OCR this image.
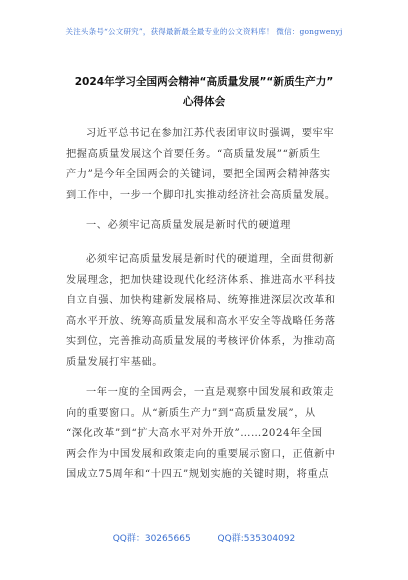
关注头条号“公文研究”，获得最新最全最专业的公文资料库！ 微信：gongwenyj
2024年学习全国两会精神“高质量发展”“新质生产力”
心得体会

习近平总书记在参加江苏代表团审议时强调，要牢牢
把握高质量发展这个首要任务。“高质量发展”“新质生
产力”是今年全国两会的关键词，要把全国两会精神落实
到工作中，一步一个脚印扎实推动经济社会高质量发展。

一、必须牢记高质量发展是新时代的硬道理

必须牢记高质量发展是新时代的硬道理，全面贯彻新
发展理念，把加快建设现代化经济体系、推进高水平科技
自立自强、加快构建新发展格局、统筹推进深层次改革和
高水平开放、统筹高质量发展和高水平安全等战略任务落
实到位，完善推动高质量发展的考核评价体系，为推动高
质量发展打牢基础。

一年一度的全国两会，一直是观察中国发展和政策走
向的重要窗口。从“新质生产力”到“高质量发展”，从
“深化改革”到“扩大高水平对外开放”……2024年全国
两会作为中国发展和政策走向的重要展示窗口，正值新中
国成立75周年和“十四五”规划实施的关键时期，将重点

QQ群：30265665	QQ群:535304092
